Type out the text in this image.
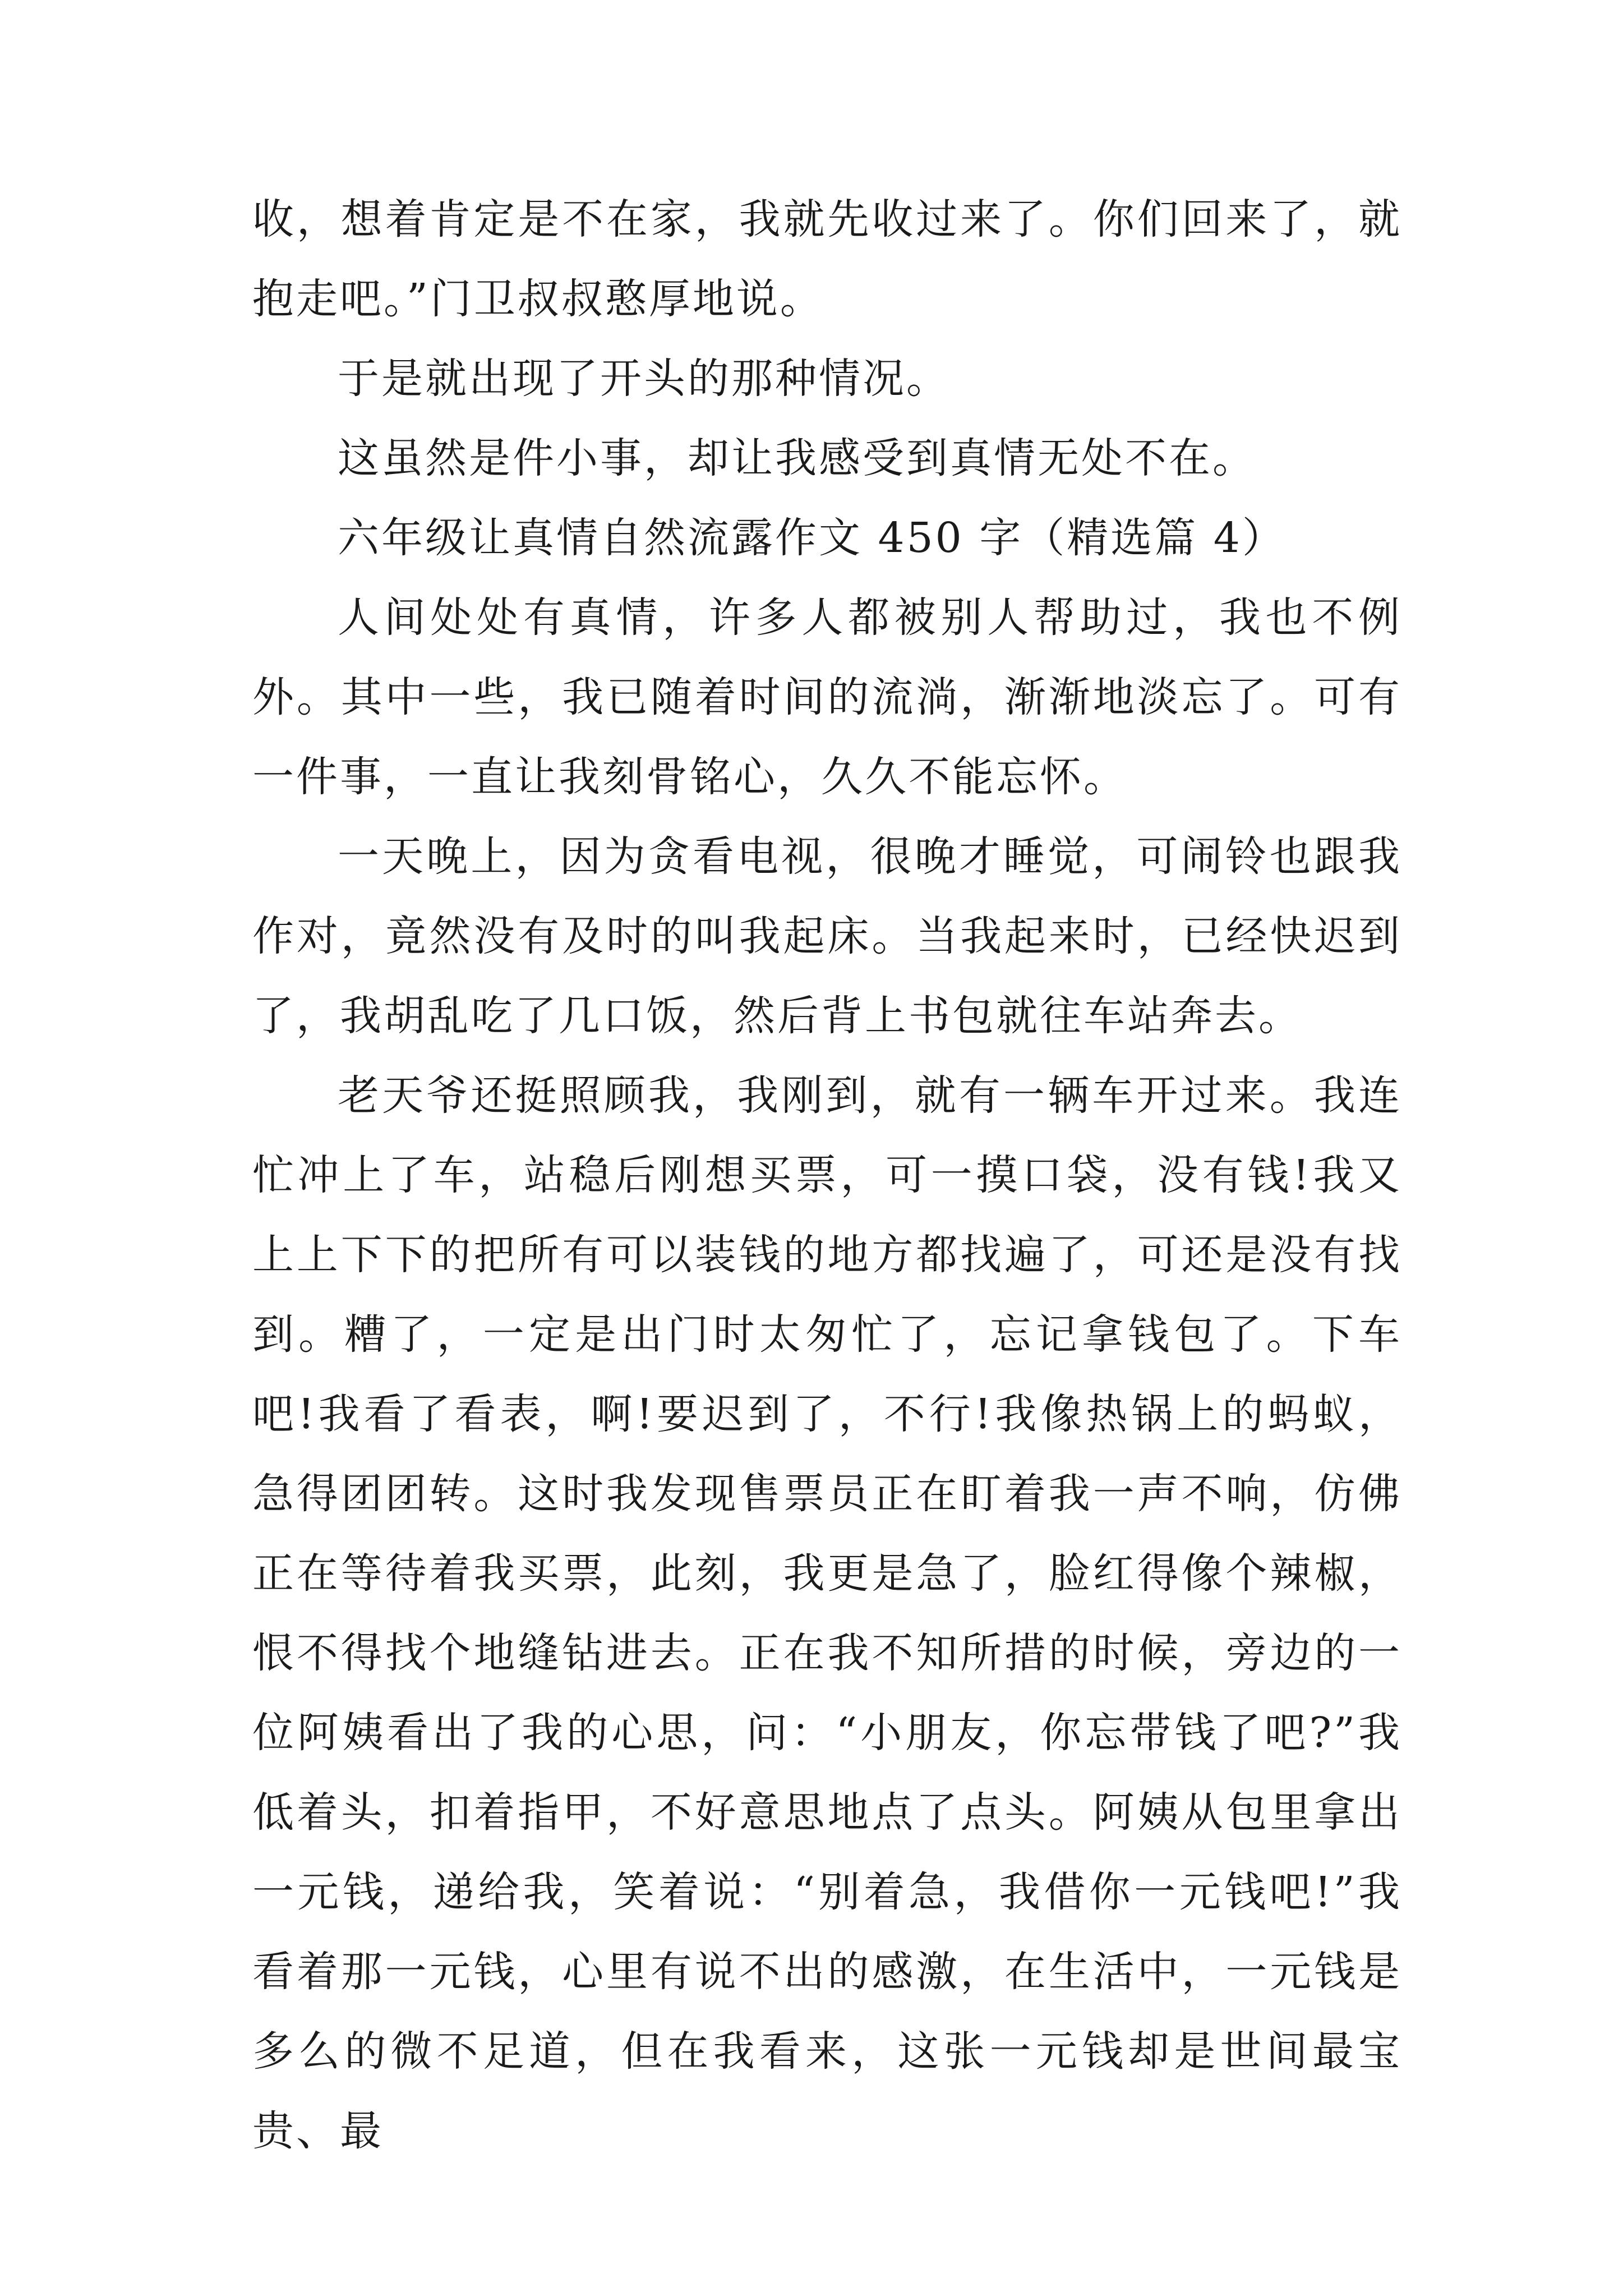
收，想着肯定是不在家，我就先收过来了。你们回来了，就抱走吧。”门卫叔叔憨厚地说。

于是就出现了开头的那种情况。

这虽然是件小事，却让我感受到真情无处不在。

六年级让真情自然流露作文 450 字（精选篇 4）

人间处处有真情，许多人都被别人帮助过，我也不例外。其中一些，我已随着时间的流淌，渐渐地淡忘了。可有一件事，一直让我刻骨铭心，久久不能忘怀。

一天晚上，因为贪看电视，很晚才睡觉，可闹铃也跟我作对，竟然没有及时的叫我起床。当我起来时，已经快迟到了，我胡乱吃了几口饭，然后背上书包就往车站奔去。

老天爷还挺照顾我，我刚到，就有一辆车开过来。我连忙冲上了车，站稳后刚想买票，可一摸口袋，没有钱!我又上上下下的把所有可以装钱的地方都找遍了，可还是没有找到。糟了，一定是出门时太匆忙了，忘记拿钱包了。下车吧!我看了看表，啊!要迟到了，不行!我像热锅上的蚂蚁，急得团团转。这时我发现售票员正在盯着我一声不响，仿佛正在等待着我买票，此刻，我更是急了，脸红得像个辣椒，恨不得找个地缝钻进去。正在我不知所措的时候，旁边的一位阿姨看出了我的心思，问：“小朋友，你忘带钱了吧?”我低着头，扣着指甲，不好意思地点了点头。阿姨从包里拿出一元钱，递给我，笑着说：“别着急，我借你一元钱吧!”我看着那一元钱，心里有说不出的感激，在生活中，一元钱是多么的微不足道，但在我看来，这张一元钱却是世间最宝贵、最
